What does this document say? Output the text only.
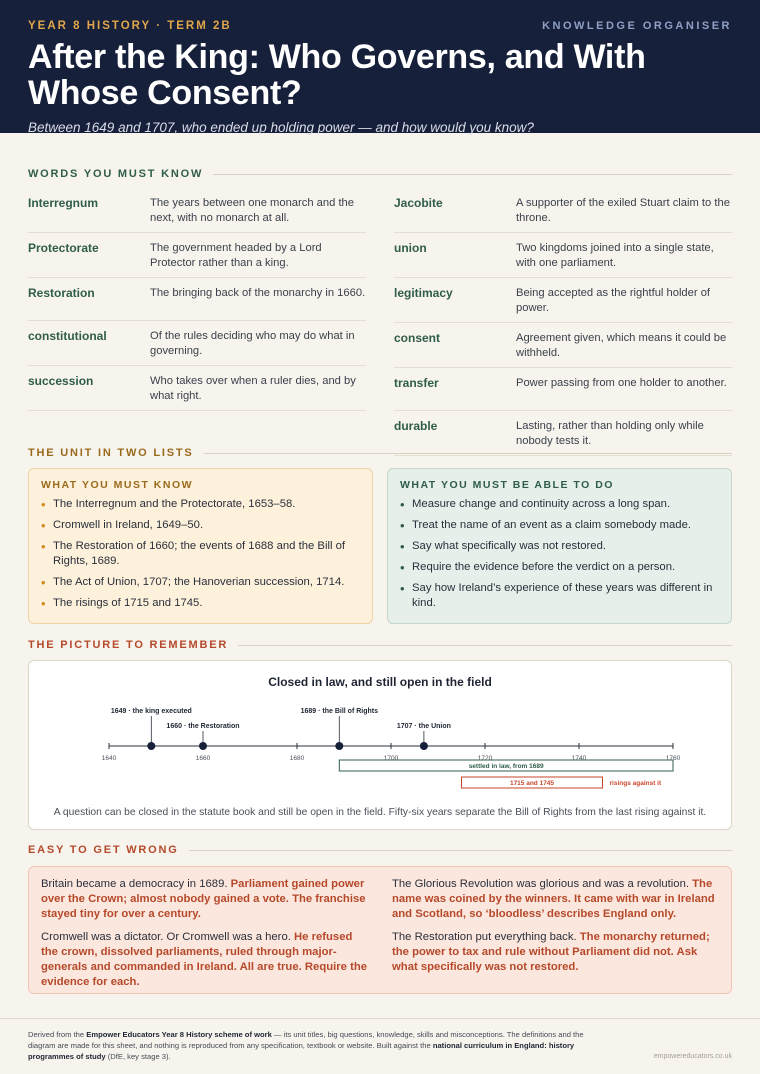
YEAR 8 HISTORY · TERM 2B	KNOWLEDGE ORGANISER
After the King: Who Governs, and With Whose Consent?
Between 1649 and 1707, who ended up holding power — and how would you know?
WORDS YOU MUST KNOW
Interregnum	The years between one monarch and the next, with no monarch at all.
Protectorate	The government headed by a Lord Protector rather than a king.
Restoration	The bringing back of the monarchy in 1660.
constitutional	Of the rules deciding who may do what in governing.
succession	Who takes over when a ruler dies, and by what right.
Jacobite	A supporter of the exiled Stuart claim to the throne.
union	Two kingdoms joined into a single state, with one parliament.
legitimacy	Being accepted as the rightful holder of power.
consent	Agreement given, which means it could be withheld.
transfer	Power passing from one holder to another.
durable	Lasting, rather than holding only while nobody tests it.
THE UNIT IN TWO LISTS
WHAT YOU MUST KNOW
• The Interregnum and the Protectorate, 1653–58.
• Cromwell in Ireland, 1649–50.
• The Restoration of 1660; the events of 1688 and the Bill of Rights, 1689.
• The Act of Union, 1707; the Hanoverian succession, 1714.
• The risings of 1715 and 1745.
WHAT YOU MUST BE ABLE TO DO
• Measure change and continuity across a long span.
• Treat the name of an event as a claim somebody made.
• Say what specifically was not restored.
• Require the evidence before the verdict on a person.
• Say how Ireland’s experience of these years was different in kind.
THE PICTURE TO REMEMBER
Closed in law, and still open in the field
1640	1660	1680	1700	1720	1740	1760
1649 · the king executed
1660 · the Restoration
1689 · the Bill of Rights
1707 · the Union
settled in law, from 1689
1715 and 1745	risings against it
A question can be closed in the statute book and still be open in the field. Fifty-six years separate the Bill of Rights from the last rising against it.
EASY TO GET WRONG
Britain became a democracy in 1689. Parliament gained power over the Crown; almost nobody gained a vote. The franchise stayed tiny for over a century.
Cromwell was a dictator. Or Cromwell was a hero. He refused the crown, dissolved parliaments, ruled through major-generals and commanded in Ireland. All are true. Require the evidence for each.
The Glorious Revolution was glorious and was a revolution. The name was coined by the winners. It came with war in Ireland and Scotland, so ‘bloodless’ describes England only.
The Restoration put everything back. The monarchy returned; the power to tax and rule without Parliament did not. Ask what specifically was not restored.
Derived from the Empower Educators Year 8 History scheme of work — its unit titles, big questions, knowledge, skills and misconceptions. The definitions and the diagram are made for this sheet, and nothing is reproduced from any specification, textbook or website. Built against the national curriculum in England: history programmes of study (DfE, key stage 3).	empowereducators.co.uk
